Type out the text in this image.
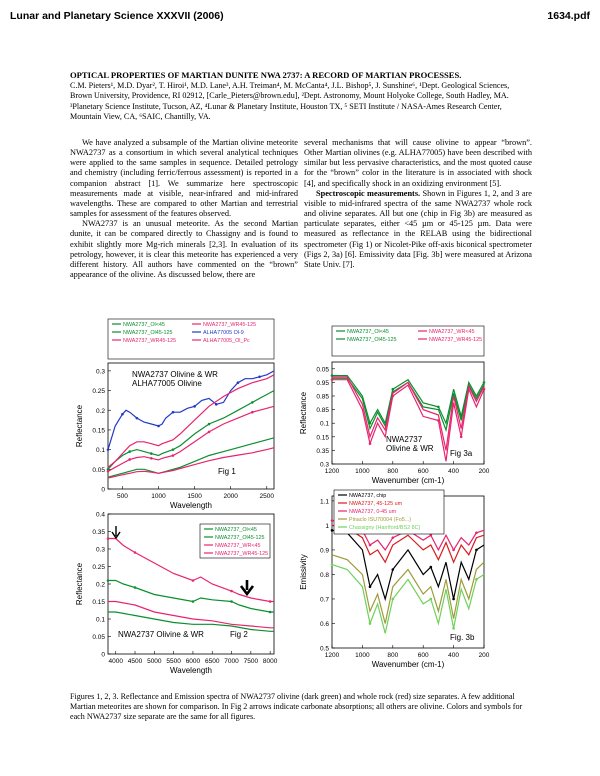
Lunar and Planetary Science XXXVII (2006)	1634.pdf
OPTICAL PROPERTIES OF MARTIAN DUNITE NWA 2737: A RECORD OF MARTIAN PROCESSES.
C.M. Pieters¹, M.D. Dyar², T. Hiroi¹, M.D. Lane³, A.H. Treiman⁴, M. McCanta⁴, J.L. Bishop⁵, J. Sunshine⁶, ¹Dept. Geological Sciences, Brown University, Providence, RI 02912, [Carle_Pieters@brown.edu], ²Dept. Astronomy, Mount Holyoke College, South Hadley, MA. ³Planetary Science Institute, Tucson, AZ, ⁴Lunar & Planetary Institute, Houston TX, ⁵ SETI Institute / NASA-Ames Research Center, Mountain View, CA, ⁶SAIC, Chantilly, VA.

We have analyzed a subsample of the Martian olivine meteorite NWA2737 as a consortium in which several analytical techniques were applied to the same samples in sequence. Detailed petrology and chemistry (including ferric/ferrous assessment) is reported in a companion abstract [1]. We summarize here spectroscopic measurements made at visible, near-infrared and mid-infrared wavelengths. These are compared to other Martian and terrestrial samples for assessment of the features observed.

NWA2737 is an unusual meteorite. As the second Martian dunite, it can be compared directly to Chassigny and is found to exhibit slightly more Mg-rich minerals [2,3]. In evaluation of its petrology, however, it is clear this meteorite has experienced a very different history. All authors have commented on the “brown” appearance of the olivine. As discussed below, there are

several mechanisms that will cause olivine to appear “brown”. Other Martian olivines (e.g. ALHA77005) have been described with similar but less pervasive characteristics, and the most quoted cause for the “brown” color in the literature is in associated with shock [4], and specifically shock in an oxidizing environment [5].

Spectroscopic measurements. Shown in Figures 1, 2, and 3 are visible to mid-infrared spectra of the same NWA2737 whole rock and olivine separates. All but one (chip in Fig 3b) are measured as particulate separates, either <45 µm or 45-125 µm. Data were measured as reflectance in the RELAB using the bidirectional spectrometer (Fig 1) or Nicolet-Pike off-axis biconical spectrometer (Figs 2, 3a) [6]. Emissivity data [Fig. 3b] were measured at Arizona State Univ. [7].

0
0.05
0.1
0.15
0.2
0.25
0.3
500	1000	1500	2000	2500
Wavelength
Reflectance
NWA2737_Ol<45
NWA2737_Ol45-125
NWA2737_WR45-125
NWA2737_WR45-125
ALHA77005 Ol-9
ALHA77005_Ol_Pc
NWA2737 Olivine & WR
ALHA77005 Olivine
Fig 1
0
0.05
0.1
0.15
0.2
0.25
0.3
0.35
0.4
4000 4500 5000 5500 6000 6500 7000 7500 8000
Wavelength
Reflectance
NWA2737_Ol<45
NWA2737_Ol45-125
NWA2737_WR<45
NWA2737_WR45-125
NWA2737 Olivine & WR	Fig 2
0.3
0.35
0.15
0.1
0.85
0.85
0.95
0.05
1200 1000	800	600	400	200
Wavenumber (cm-1)
Reflectance
NWA2737_Ol<45
NWA2737_Ol45-125
NWA2737_WR<45
NWA2737_WR45-125
NWA2737
Olivine & WR
Fig 3a
0.5
0.6
0.7
0.8
0.9
1
1.1
1200 1000	800	600	400	200
Wavenumber (cm-1)
Emissivity
NWA2737, chip
NWA2737, 45-125 um
NWA2737, 0-45 um
Pinaclo ISU70004 (Fo5...)
Chassigny (Harriford/BS2 8C)
Fig. 3b
Figures 1, 2, 3. Reflectance and Emission spectra of NWA2737 olivine (dark green) and whole rock (red) size separates. A few additional Martian meteorites are shown for comparison. In Fig 2 arrows indicate carbonate absorptions; all others are olivine. Colors and symbols for each NWA2737 size separate are the same for all figures.
